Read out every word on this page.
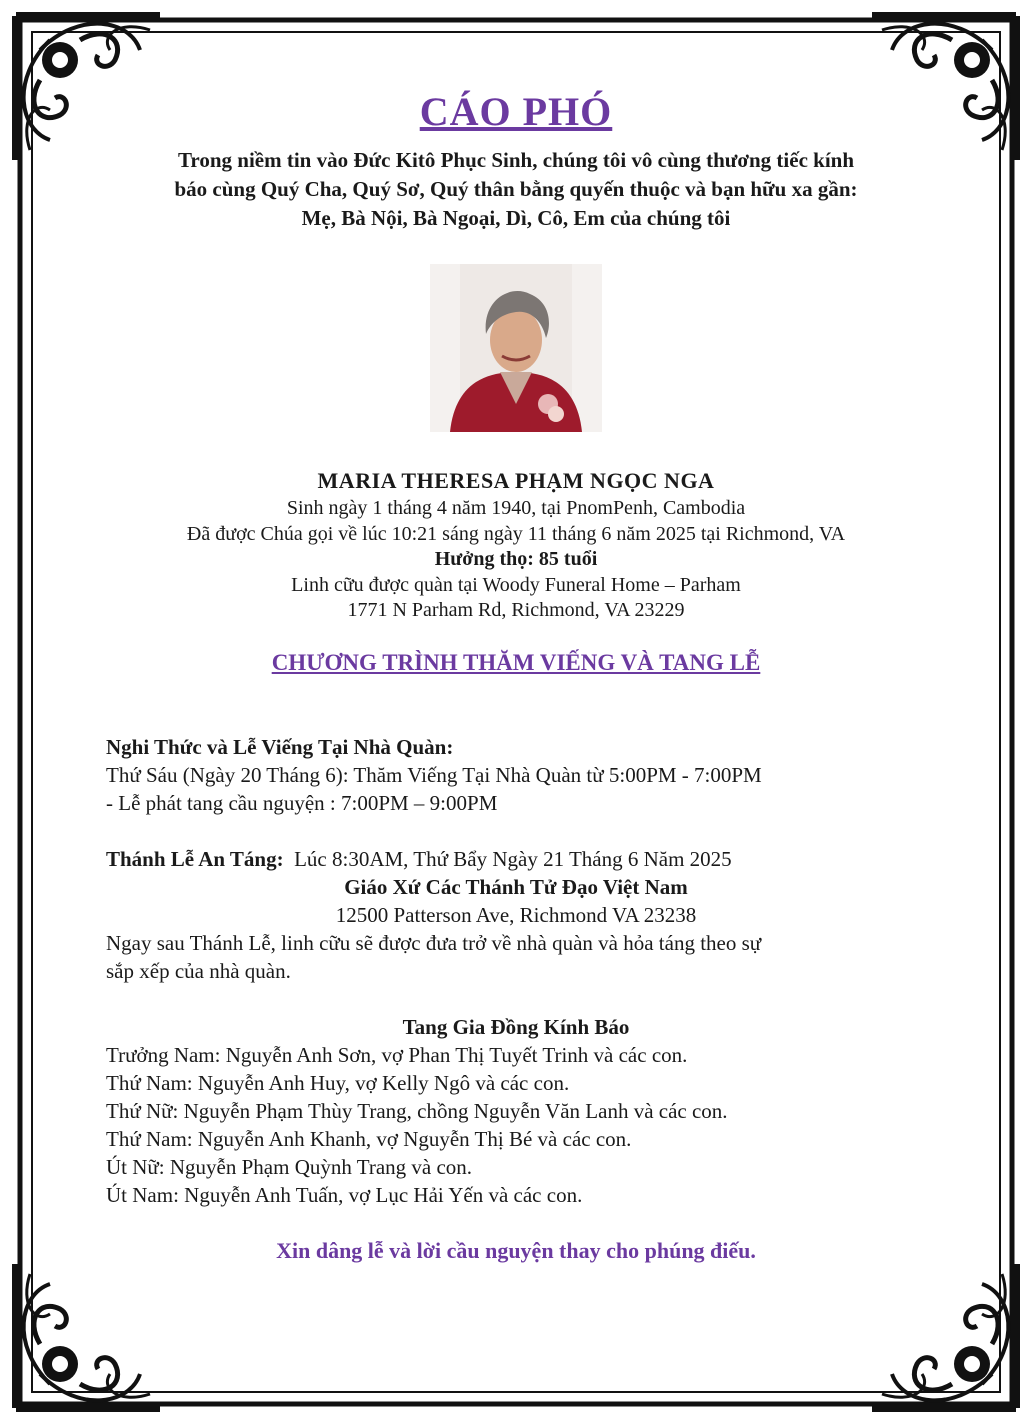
CÁO PHÓ
Trong niềm tin vào Đức Kitô Phục Sinh, chúng tôi vô cùng thương tiếc kính
báo cùng Quý Cha, Quý Sơ, Quý thân bằng quyến thuộc và bạn hữu xa gần:
Mẹ, Bà Nội, Bà Ngoại, Dì, Cô, Em của chúng tôi
MARIA THERESA PHẠM NGỌC NGA
Sinh ngày 1 tháng 4 năm 1940, tại PnomPenh, Cambodia
Đã được Chúa gọi về lúc 10:21 sáng ngày 11 tháng 6 năm 2025 tại Richmond, VA
Hưởng thọ: 85 tuổi
Linh cữu được quàn tại Woody Funeral Home – Parham
1771 N Parham Rd, Richmond, VA 23229
CHƯƠNG TRÌNH THĂM VIẾNG VÀ TANG LỄ
Nghi Thức và Lễ Viếng Tại Nhà Quàn:
Thứ Sáu (Ngày 20 Tháng 6): Thăm Viếng Tại Nhà Quàn từ 5:00PM - 7:00PM
- Lễ phát tang cầu nguyện : 7:00PM – 9:00PM
Thánh Lễ An Táng: Lúc 8:30AM, Thứ Bẩy Ngày 21 Tháng 6 Năm 2025
Giáo Xứ Các Thánh Tử Đạo Việt Nam
12500 Patterson Ave, Richmond VA 23238
Ngay sau Thánh Lễ, linh cữu sẽ được đưa trở về nhà quàn và hỏa táng theo sự
sắp xếp của nhà quàn.
Tang Gia Đồng Kính Báo
Trưởng Nam: Nguyễn Anh Sơn, vợ Phan Thị Tuyết Trinh và các con.
Thứ Nam: Nguyễn Anh Huy, vợ Kelly Ngô và các con.
Thứ Nữ: Nguyễn Phạm Thùy Trang, chồng Nguyễn Văn Lanh và các con.
Thứ Nam: Nguyễn Anh Khanh, vợ Nguyễn Thị Bé và các con.
Út Nữ: Nguyễn Phạm Quỳnh Trang và con.
Út Nam: Nguyễn Anh Tuấn, vợ Lục Hải Yến và các con.
Xin dâng lễ và lời cầu nguyện thay cho phúng điếu.
